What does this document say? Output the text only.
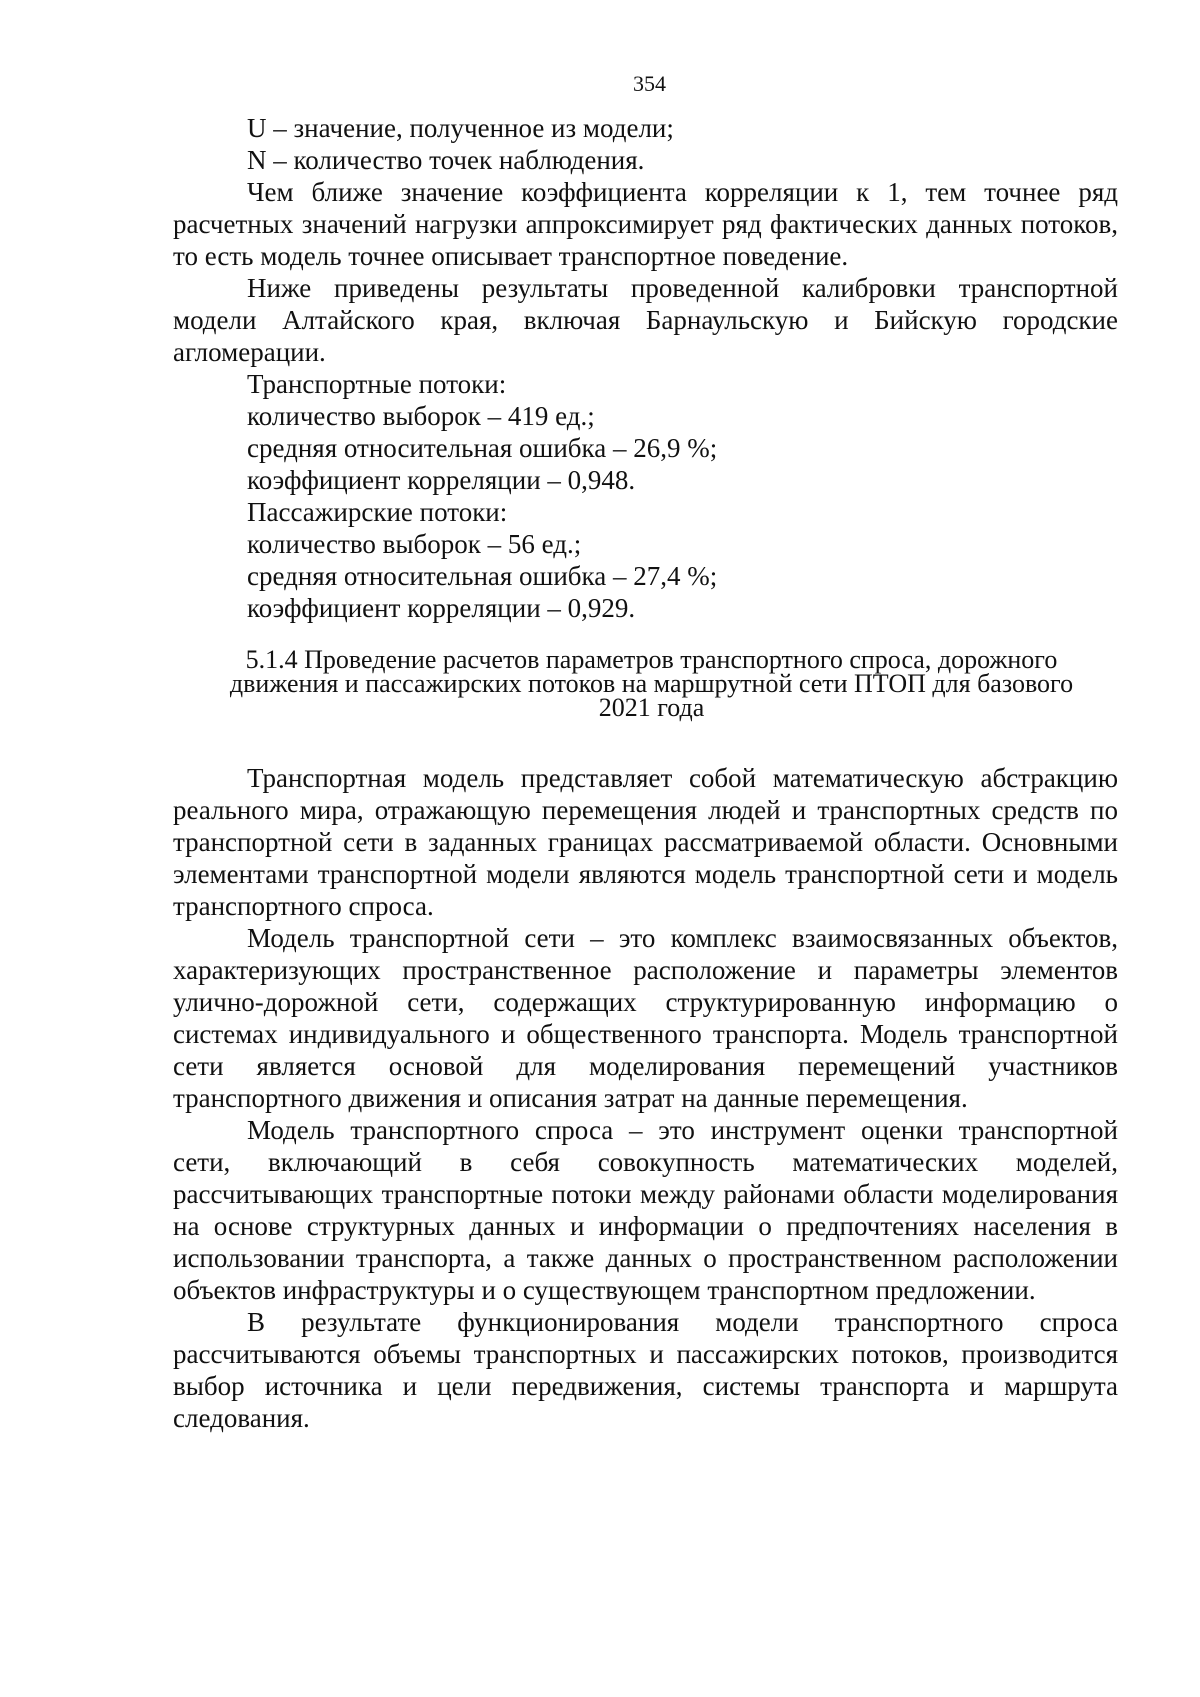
354
U – значение, полученное из модели;
N – количество точек наблюдения.

Чем ближе значение коэффициента корреляции к 1, тем точнее ряд расчетных значений нагрузки аппроксимирует ряд фактических данных потоков, то есть модель точнее описывает транспортное поведение.

Ниже приведены результаты проведенной калибровки транспортной модели Алтайского края, включая Барнаульскую и Бийскую городские агломерации.

Транспортные потоки:
количество выборок – 419 ед.;
средняя относительная ошибка – 26,9 %;
коэффициент корреляции – 0,948.
Пассажирские потоки:
количество выборок – 56 ед.;
средняя относительная ошибка – 27,4 %;
коэффициент корреляции – 0,929.
5.1.4 Проведение расчетов параметров транспортного спроса, дорожного
движения и пассажирских потоков на маршрутной сети ПТОП для базового
2021 года

Транспортная модель представляет собой математическую абстракцию реального мира, отражающую перемещения людей и транспортных средств по транспортной сети в заданных границах рассматриваемой области. Основными элементами транспортной модели являются модель транспортной сети и модель транспортного спроса.

Модель транспортной сети – это комплекс взаимосвязанных объектов, характеризующих пространственное расположение и параметры элементов улично-дорожной сети, содержащих структурированную информацию о системах индивидуального и общественного транспорта. Модель транспортной сети является основой для моделирования перемещений участников транспортного движения и описания затрат на данные перемещения.

Модель транспортного спроса – это инструмент оценки транспортной сети, включающий в себя совокупность математических моделей, рассчитывающих транспортные потоки между районами области моделирования на основе структурных данных и информации о предпочтениях населения в использовании транспорта, а также данных о пространственном расположении объектов инфраструктуры и о существующем транспортном предложении.

В результате функционирования модели транспортного спроса рассчитываются объемы транспортных и пассажирских потоков, производится выбор источника и цели передвижения, системы транспорта и маршрута следования.
